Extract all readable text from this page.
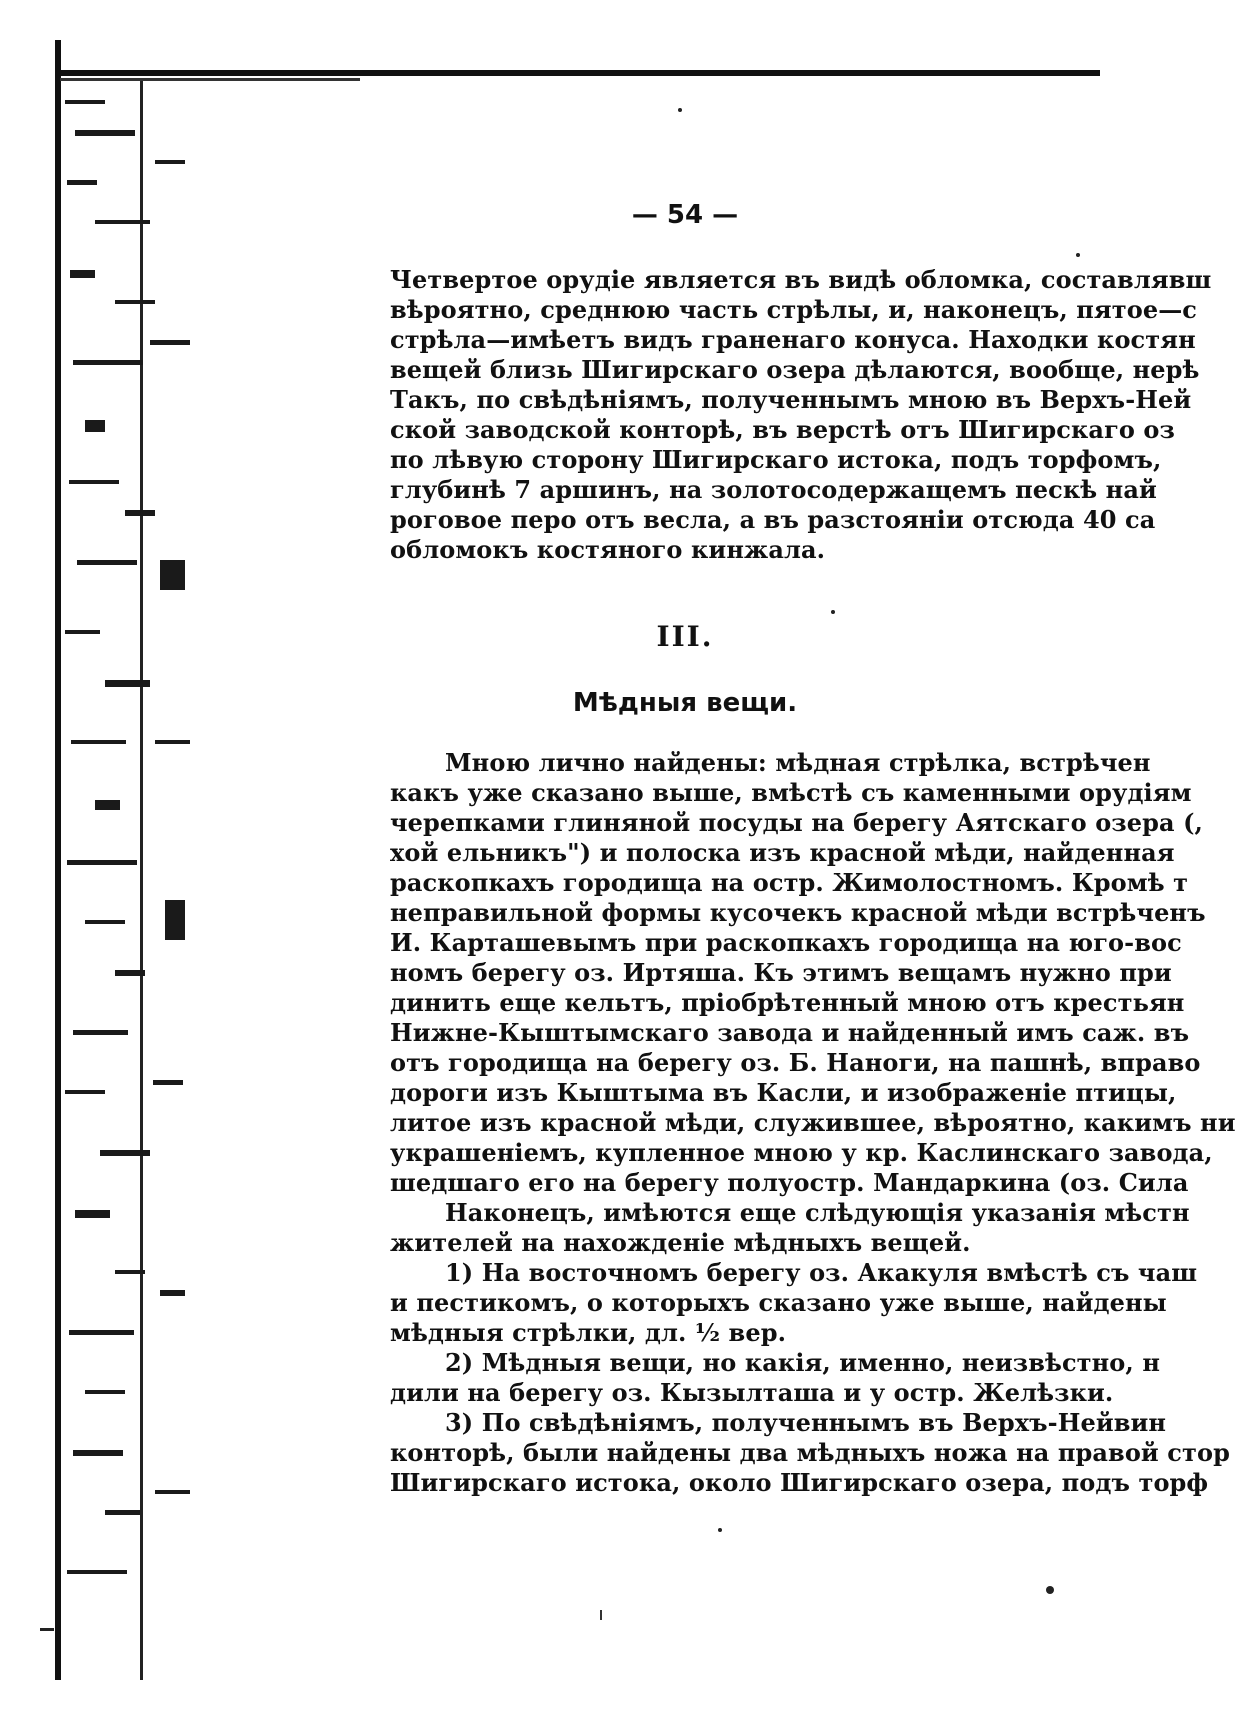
— 54 —
Четвертое орудіе является въ видѣ обломка, составлявш
вѣроятно, среднюю часть стрѣлы, и, наконецъ, пятое—с
стрѣла—имѣетъ видъ граненаго конуса. Находки костян
вещей близь Шигирскаго озера дѣлаются, вообще, нерѣ
Такъ, по свѣдѣніямъ, полученнымъ мною въ Верхъ-Ней
ской заводской конторѣ, въ верстѣ отъ Шигирскаго оз
по лѣвую сторону Шигирскаго истока, подъ торфомъ,
глубинѣ 7 аршинъ, на золотосодержащемъ пескѣ най
роговое перо отъ весла, а въ разстояніи отсюда 40 са
обломокъ костяного кинжала.
III.
Мѣдныя вещи.
Мною лично найдены: мѣдная стрѣлка, встрѣчен
какъ уже сказано выше, вмѣстѣ съ каменными орудіям
черепками глиняной посуды на берегу Аятскаго озера (,
хой ельникъ") и полоска изъ красной мѣди, найденная
раскопкахъ городища на остр. Жимолостномъ. Кромѣ т
неправильной формы кусочекъ красной мѣди встрѣченъ
И. Карташевымъ при раскопкахъ городища на юго-вос
номъ берегу оз. Иртяша. Къ этимъ вещамъ нужно при
динить еще кельтъ, пріобрѣтенный мною отъ крестьян
Нижне-Кыштымскаго завода и найденный имъ саж. въ
отъ городища на берегу оз. Б. Наноги, на пашнѣ, вправо
дороги изъ Кыштыма въ Касли, и изображеніе птицы,
литое изъ красной мѣди, служившее, вѣроятно, какимъ ни
украшеніемъ, купленное мною у кр. Каслинскаго завода,
шедшаго его на берегу полуостр. Мандаркина (оз. Сила
Наконецъ, имѣются еще слѣдующія указанія мѣстн
жителей на нахожденіе мѣдныхъ вещей.
1) На восточномъ берегу оз. Акакуля вмѣстѣ съ чаш
и пестикомъ, о которыхъ сказано уже выше, найдены
мѣдныя стрѣлки, дл. ½ вер.
2) Мѣдныя вещи, но какія, именно, неизвѣстно, н
дили на берегу оз. Кызылташа и у остр. Желѣзки.
3) По свѣдѣніямъ, полученнымъ въ Верхъ-Нейвин
конторѣ, были найдены два мѣдныхъ ножа на правой стор
Шигирскаго истока, около Шигирскаго озера, подъ торф
